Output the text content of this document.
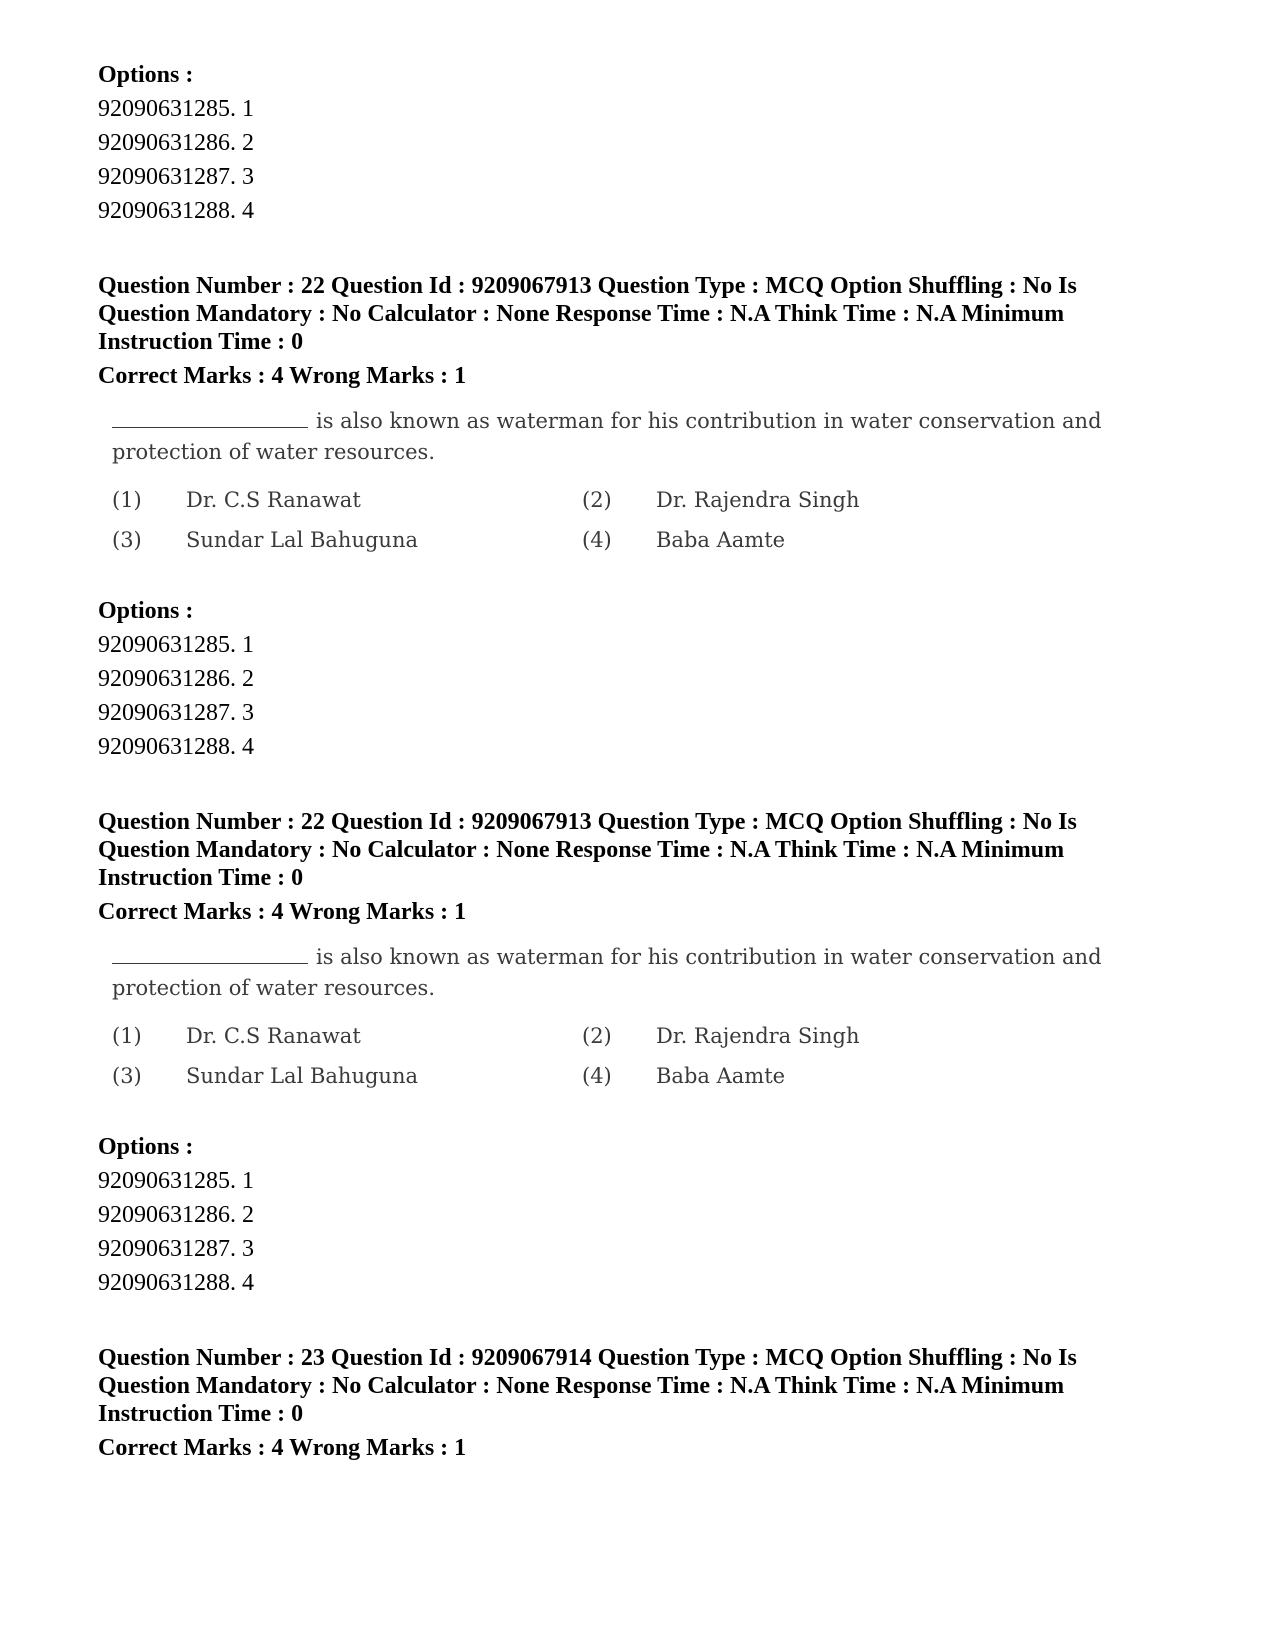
Options :
92090631285. 1
92090631286. 2
92090631287. 3
92090631288. 4
Question Number : 22 Question Id : 9209067913 Question Type : MCQ Option Shuffling : No Is Question Mandatory : No Calculator : None Response Time : N.A Think Time : N.A Minimum Instruction Time : 0
Correct Marks : 4 Wrong Marks : 1
is also known as waterman for his contribution in water conservation and protection of water resources.
(1)	Dr. C.S Ranawat	(2)	Dr. Rajendra Singh
(3)	Sundar Lal Bahuguna	(4)	Baba Aamte
Options :
92090631285. 1
92090631286. 2
92090631287. 3
92090631288. 4
Question Number : 22 Question Id : 9209067913 Question Type : MCQ Option Shuffling : No Is Question Mandatory : No Calculator : None Response Time : N.A Think Time : N.A Minimum Instruction Time : 0
Correct Marks : 4 Wrong Marks : 1
is also known as waterman for his contribution in water conservation and protection of water resources.
(1)	Dr. C.S Ranawat	(2)	Dr. Rajendra Singh
(3)	Sundar Lal Bahuguna	(4)	Baba Aamte
Options :
92090631285. 1
92090631286. 2
92090631287. 3
92090631288. 4
Question Number : 23 Question Id : 9209067914 Question Type : MCQ Option Shuffling : No Is Question Mandatory : No Calculator : None Response Time : N.A Think Time : N.A Minimum Instruction Time : 0
Correct Marks : 4 Wrong Marks : 1
